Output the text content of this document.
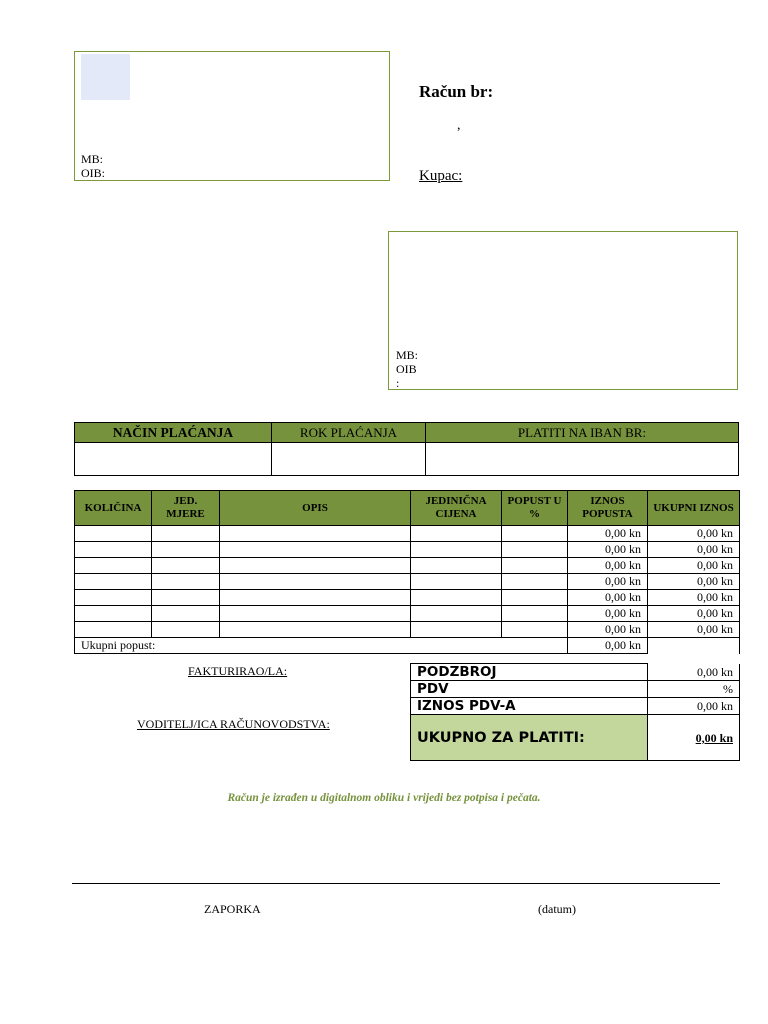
MB:
OIB:
Račun br:
,
Kupac:
MB:
OIB
:
NAČIN PLAĆANJA	ROK PLAĆANJA	PLATITI NA IBAN BR:

KOLIČINA	JED. MJERE	OPIS	JEDINIČNA CIJENA	POPUST U %	IZNOS POPUSTA	UKUPNI IZNOS
					0,00 kn	0,00 kn
					0,00 kn	0,00 kn
					0,00 kn	0,00 kn
					0,00 kn	0,00 kn
					0,00 kn	0,00 kn
					0,00 kn	0,00 kn
					0,00 kn	0,00 kn
Ukupni popust:					0,00 kn	
PODZBROJ	0,00 kn
PDV	%
IZNOS PDV-A	0,00 kn
UKUPNO ZA PLATITI:	0,00 kn
FAKTURIRAO/LA:
VODITELJ/ICA RAČUNOVODSTVA:
Račun je izrađen u digitalnom obliku i vrijedi bez potpisa i pečata.
ZAPORKA	(datum)
